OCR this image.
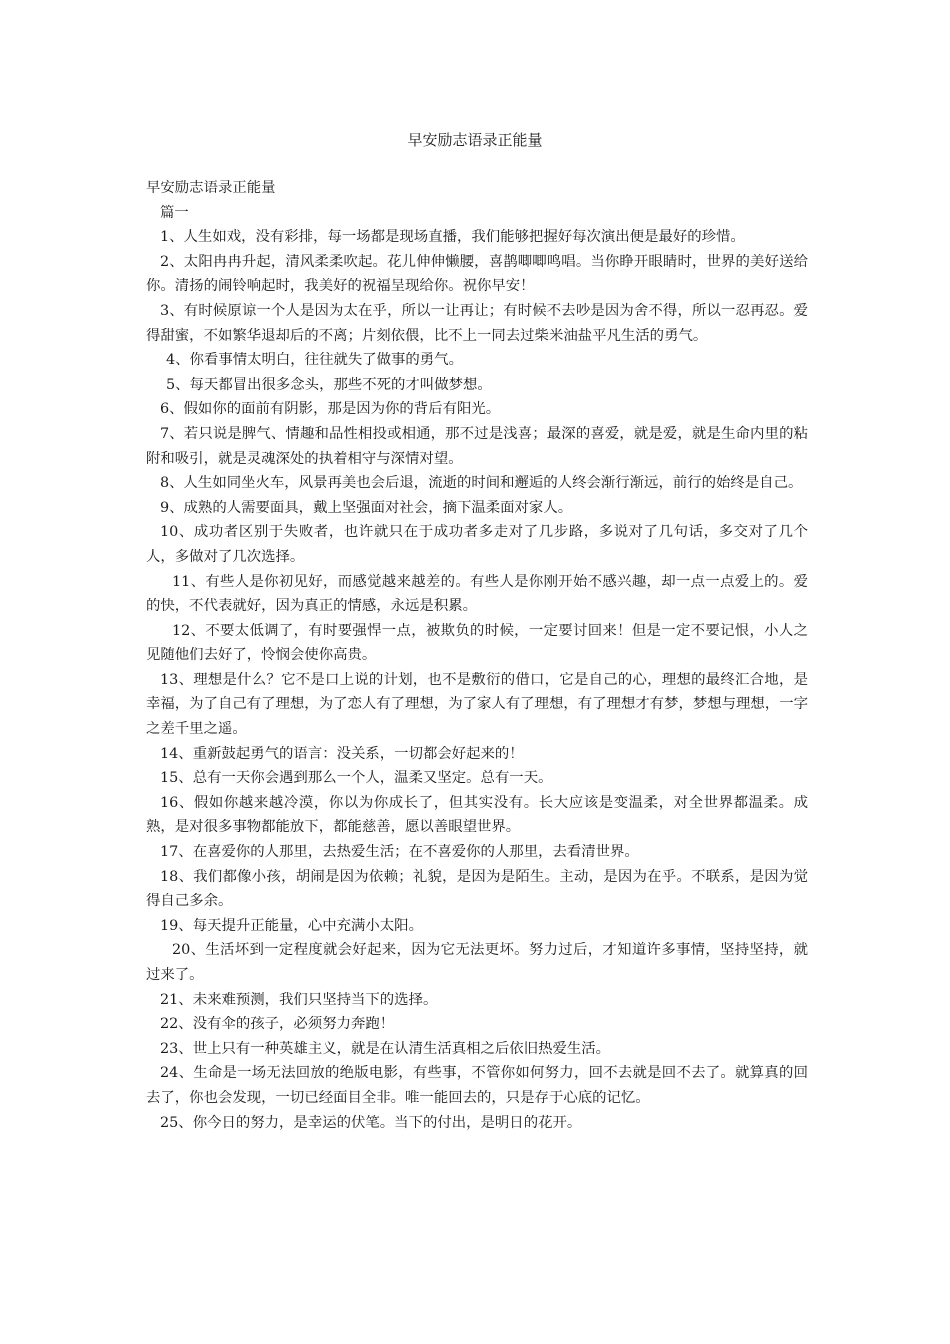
早安励志语录正能量

早安励志语录正能量

篇一

1、人生如戏，没有彩排，每一场都是现场直播，我们能够把握好每次演出便是最好的珍惜。

2、太阳冉冉升起，清风柔柔吹起。花儿伸伸懒腰，喜鹊唧唧鸣唱。当你睁开眼睛时，世界的美好送给你。清扬的闹铃响起时，我美好的祝福呈现给你。祝你早安！

3、有时候原谅一个人是因为太在乎，所以一让再让；有时候不去吵是因为舍不得，所以一忍再忍。爱得甜蜜，不如繁华退却后的不离；片刻依偎，比不上一同去过柴米油盐平凡生活的勇气。

4、你看事情太明白，往往就失了做事的勇气。

5、每天都冒出很多念头，那些不死的才叫做梦想。

6、假如你的面前有阴影，那是因为你的背后有阳光。

7、若只说是脾气、情趣和品性相投或相通，那不过是浅喜；最深的喜爱，就是爱，就是生命内里的粘附和吸引，就是灵魂深处的执着相守与深情对望。

8、人生如同坐火车，风景再美也会后退，流逝的时间和邂逅的人终会渐行渐远，前行的始终是自己。

9、成熟的人需要面具，戴上坚强面对社会，摘下温柔面对家人。

10、成功者区别于失败者，也许就只在于成功者多走对了几步路，多说对了几句话，多交对了几个人，多做对了几次选择。

11、有些人是你初见好，而感觉越来越差的。有些人是你刚开始不感兴趣，却一点一点爱上的。爱的快，不代表就好，因为真正的情感，永远是积累。

12、不要太低调了，有时要强悍一点，被欺负的时候，一定要讨回来！但是一定不要记恨，小人之见随他们去好了，怜悯会使你高贵。

13、理想是什么？它不是口上说的计划，也不是敷衍的借口，它是自己的心，理想的最终汇合地，是幸福，为了自己有了理想，为了恋人有了理想，为了家人有了理想，有了理想才有梦，梦想与理想，一字之差千里之遥。

14、重新鼓起勇气的语言：没关系，一切都会好起来的！

15、总有一天你会遇到那么一个人，温柔又坚定。总有一天。

16、假如你越来越冷漠，你以为你成长了，但其实没有。长大应该是变温柔，对全世界都温柔。成熟，是对很多事物都能放下，都能慈善，愿以善眼望世界。

17、在喜爱你的人那里，去热爱生活；在不喜爱你的人那里，去看清世界。

18、我们都像小孩，胡闹是因为依赖；礼貌，是因为是陌生。主动，是因为在乎。不联系，是因为觉得自己多余。

19、每天提升正能量，心中充满小太阳。

20、生活坏到一定程度就会好起来，因为它无法更坏。努力过后，才知道许多事情，坚持坚持，就过来了。

21、未来难预测，我们只坚持当下的选择。

22、没有伞的孩子，必须努力奔跑！

23、世上只有一种英雄主义，就是在认清生活真相之后依旧热爱生活。

24、生命是一场无法回放的绝版电影，有些事，不管你如何努力，回不去就是回不去了。就算真的回去了，你也会发现，一切已经面目全非。唯一能回去的，只是存于心底的记忆。

25、你今日的努力，是幸运的伏笔。当下的付出，是明日的花开。
